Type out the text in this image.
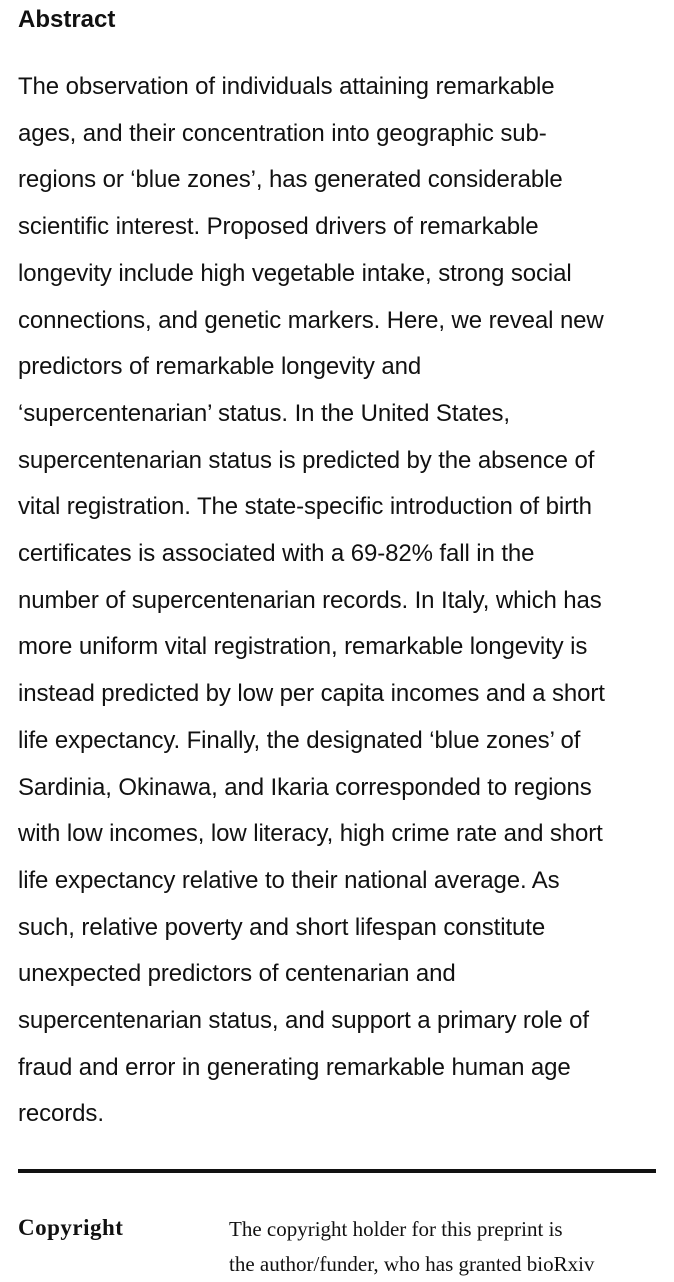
Abstract
The observation of individuals attaining remarkable
ages, and their concentration into geographic sub-
regions or ‘blue zones’, has generated considerable
scientific interest. Proposed drivers of remarkable
longevity include high vegetable intake, strong social
connections, and genetic markers. Here, we reveal new
predictors of remarkable longevity and
‘supercentenarian’ status. In the United States,
supercentenarian status is predicted by the absence of
vital registration. The state-specific introduction of birth
certificates is associated with a 69-82% fall in the
number of supercentenarian records. In Italy, which has
more uniform vital registration, remarkable longevity is
instead predicted by low per capita incomes and a short
life expectancy. Finally, the designated ‘blue zones’ of
Sardinia, Okinawa, and Ikaria corresponded to regions
with low incomes, low literacy, high crime rate and short
life expectancy relative to their national average. As
such, relative poverty and short lifespan constitute
unexpected predictors of centenarian and
supercentenarian status, and support a primary role of
fraud and error in generating remarkable human age
records.
Copyright	The copyright holder for this preprint is
the author/funder, who has granted bioRxiv
